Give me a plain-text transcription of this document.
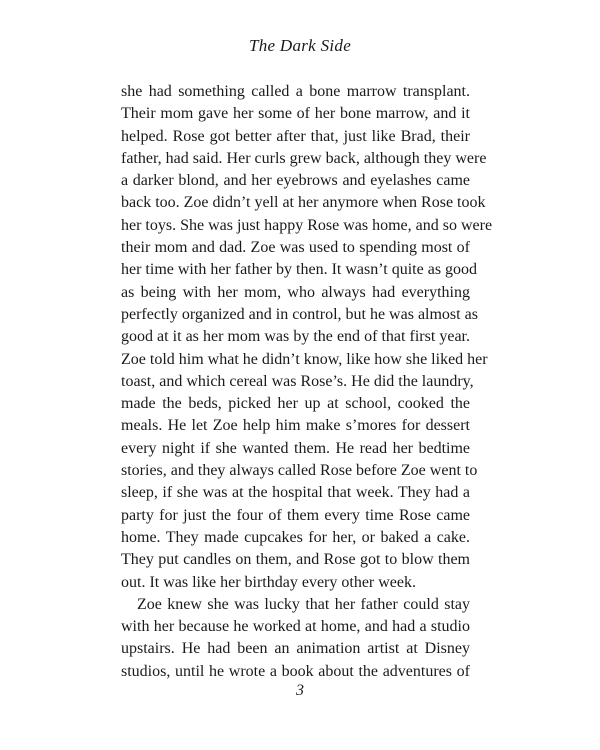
The Dark Side

she had something called a bone marrow transplant.
Their mom gave her some of her bone marrow, and it
helped. Rose got better after that, just like Brad, their
father, had said. Her curls grew back, although they were
a darker blond, and her eyebrows and eyelashes came
back too. Zoe didn’t yell at her anymore when Rose took
her toys. She was just happy Rose was home, and so were
their mom and dad. Zoe was used to spending most of
her time with her father by then. It wasn’t quite as good
as being with her mom, who always had everything
perfectly organized and in control, but he was almost as
good at it as her mom was by the end of that first year.
Zoe told him what he didn’t know, like how she liked her
toast, and which cereal was Rose’s. He did the laundry,
made the beds, picked her up at school, cooked the
meals. He let Zoe help him make s’mores for dessert
every night if she wanted them. He read her bedtime
stories, and they always called Rose before Zoe went to
sleep, if she was at the hospital that week. They had a
party for just the four of them every time Rose came
home. They made cupcakes for her, or baked a cake.
They put candles on them, and Rose got to blow them
out. It was like her birthday every other week.

Zoe knew she was lucky that her father could stay
with her because he worked at home, and had a studio
upstairs. He had been an animation artist at Disney
studios, until he wrote a book about the adventures of

3
